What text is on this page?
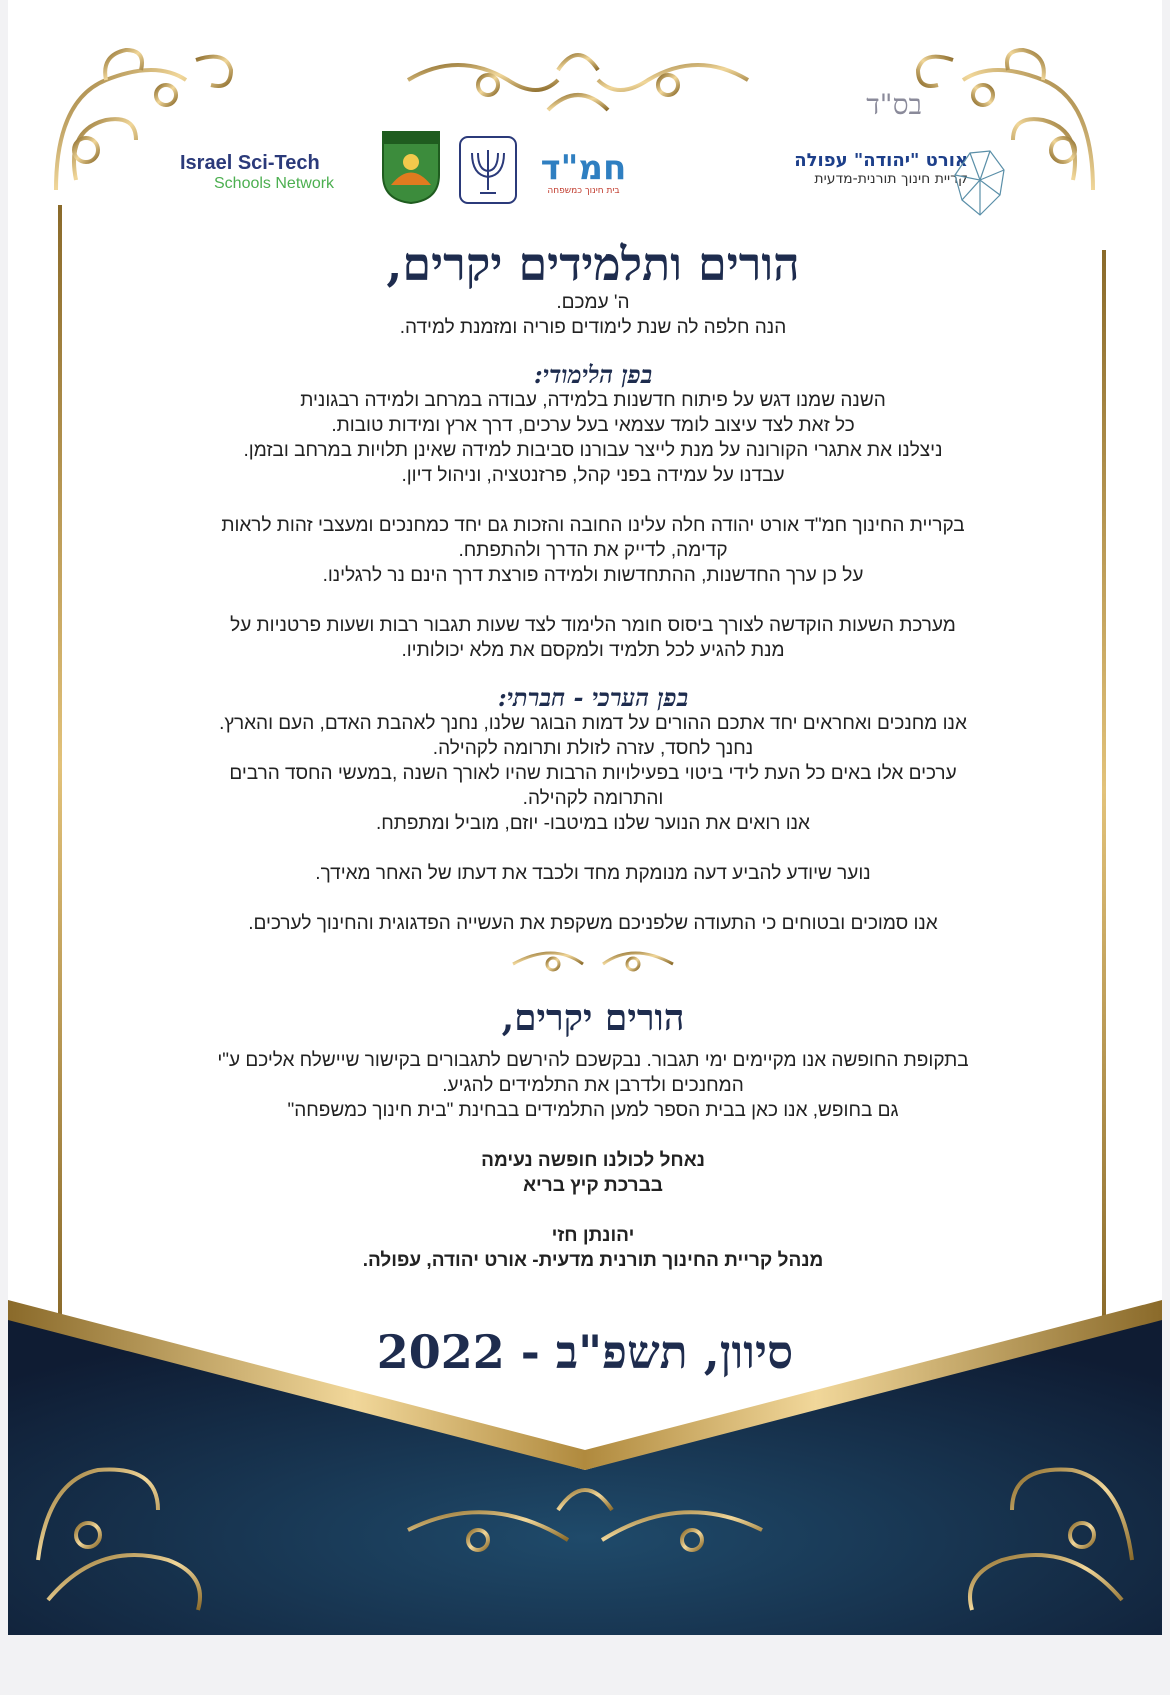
בס"ד
Israel Sci-Tech
Schools Network	חמ"ד
בית חינוך כמשפחה
אורט "יהודה" עפולה
קריית חינוך תורנית-מדעית
הורים ותלמידים יקרים,

ה' עמכם.

הנה חלפה לה שנת לימודים פוריה ומזמנת למידה.

בפן הלימודי:

השנה שמנו דגש על פיתוח חדשנות בלמידה, עבודה במרחב ולמידה רבגונית

כל זאת לצד עיצוב לומד עצמאי בעל ערכים, דרך ארץ ומידות טובות.

ניצלנו את אתגרי הקורונה על מנת לייצר עבורנו סביבות למידה שאינן תלויות במרחב ובזמן.

עבדנו על עמידה בפני קהל, פרזנטציה, וניהול דיון.

בקריית החינוך חמ"ד אורט יהודה חלה עלינו החובה והזכות גם יחד כמחנכים ומעצבי זהות לראות

קדימה, לדייק את הדרך ולהתפתח.

על כן ערך החדשנות, ההתחדשות ולמידה פורצת דרך הינם נר לרגלינו.

מערכת השעות הוקדשה לצורך ביסוס חומר הלימוד לצד שעות תגבור רבות ושעות פרטניות על

מנת להגיע לכל תלמיד ולמקסם את מלא יכולותיו.

בפן הערכי - חברתי:

אנו מחנכים ואחראים יחד אתכם ההורים על דמות הבוגר שלנו, נחנך לאהבת האדם, העם והארץ.

נחנך לחסד, עזרה לזולת ותרומה לקהילה.

ערכים אלו באים כל העת לידי ביטוי בפעילויות הרבות שהיו לאורך השנה ,במעשי החסד הרבים

והתרומה לקהילה.

אנו רואים את הנוער שלנו במיטבו- יוזם, מוביל ומתפתח.

נוער שיודע להביע דעה מנומקת מחד ולכבד את דעתו של האחר מאידך.

אנו סמוכים ובטוחים כי התעודה שלפניכם משקפת את העשייה הפדגוגית והחינוך לערכים.

הורים יקרים,

בתקופת החופשה אנו מקיימים ימי תגבור. נבקשכם להירשם לתגבורים בקישור שיישלח אליכם ע"י

המחנכים ולדרבן את התלמידים להגיע.

גם בחופש, אנו כאן בבית הספר למען התלמידים בבחינת "בית חינוך כמשפחה"

נאחל לכולנו חופשה נעימה

בברכת קיץ בריא

יהונתן חזי

מנהל קריית החינוך תורנית מדעית- אורט יהודה, עפולה.

סיוון, תשפ"ב - 2022
